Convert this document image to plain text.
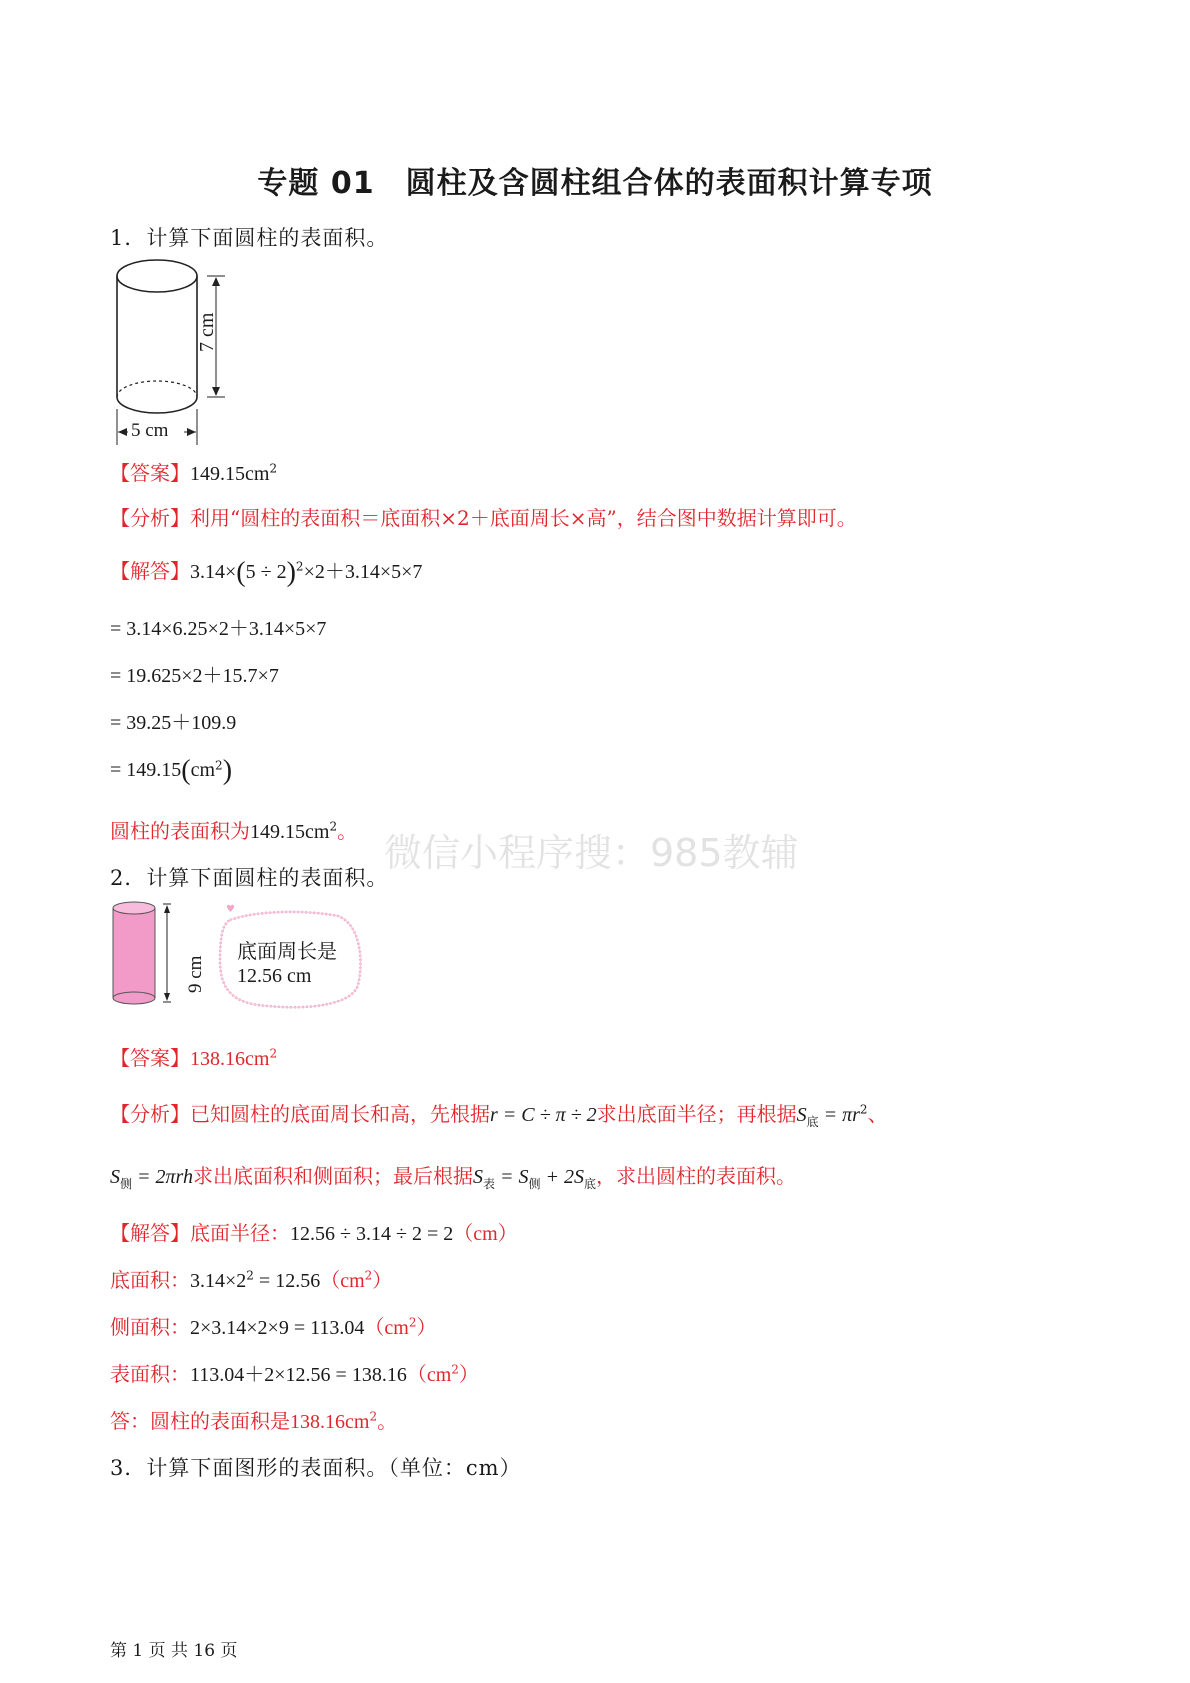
专题 01　圆柱及含圆柱组合体的表面积计算专项
1．计算下面圆柱的表面积。
7 cm
5 cm
【答案】$149.15cm^2$
【分析】利用“圆柱的表面积＝底面积×2＋底面周长×高”，结合图中数据计算即可。
【解答】$3.14\times(5 \div 2)^2\times 2+3.14\times 5\times 7$
= 3.14×6.25×2＋3.14×5×7
= 19.625×2＋15.7×7
= 39.25＋109.9
= $149.15(cm^2)$
圆柱的表面积为$149.15cm^2$。 微信小程序搜：985教辅
2．计算下面圆柱的表面积。
♥
9 cm
底面周长是
12.56 cm
【答案】$138.16cm^2$
【分析】已知圆柱的底面周长和高，先根据r = C ÷ π ÷ 2求出底面半径；再根据$S_底 = \pi r^2$、
$S_侧 = 2\pi rh$求出底面积和侧面积；最后根据$S_表 = S_侧 + 2S_底$，求出圆柱的表面积。
【解答】底面半径：12.56 ÷ 3.14 ÷ 2 = 2（cm）
底面积：$3.14\times 2^2 = 12.56(cm^2)$
侧面积：$2\times 3.14\times 2\times 9 = 113.04(cm^2)$
表面积：$113.04+2\times 12.56 = 138.16(cm^2)$
答：圆柱的表面积是$138.16cm^2$。
3．计算下面图形的表面积。（单位：cm）
第 1 页 共 16 页
